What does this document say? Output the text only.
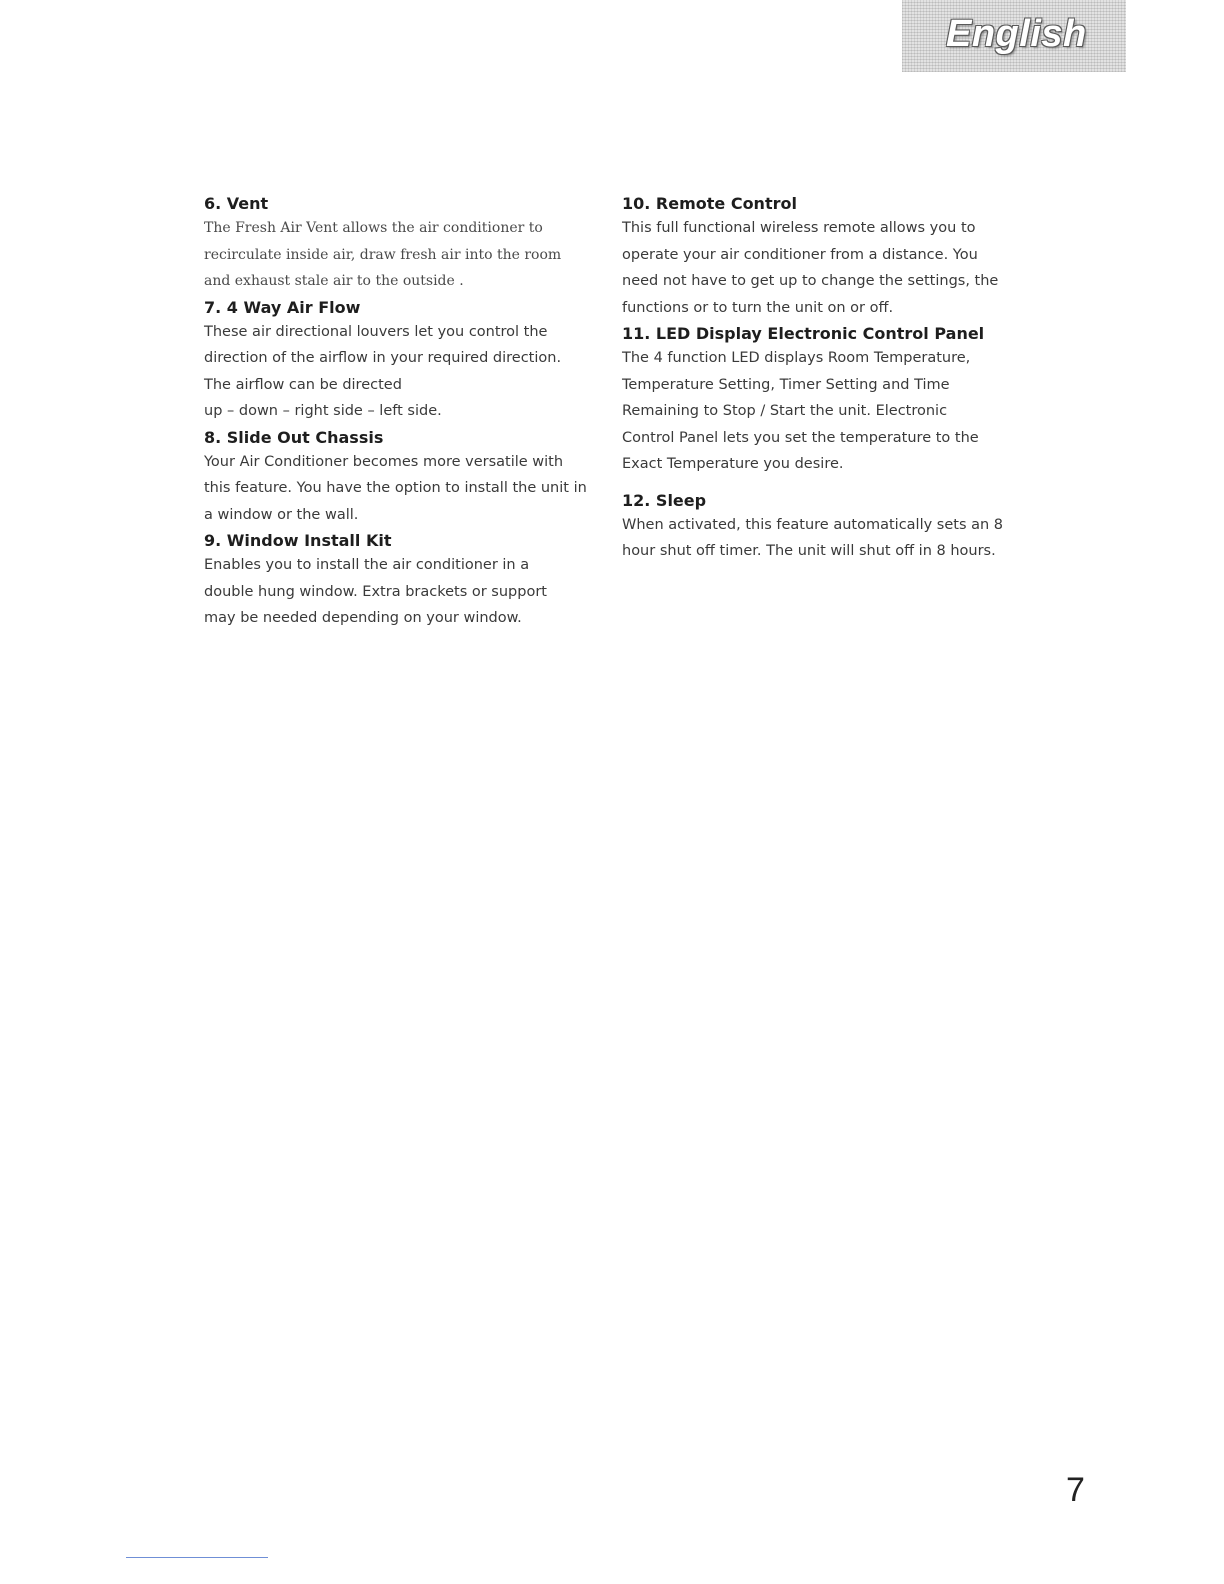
English

6. Vent

The Fresh Air Vent allows the air conditioner to

recirculate inside air, draw fresh air into the room

and exhaust stale air to the outside .

7. 4 Way Air Flow

These air directional louvers let you control the

direction of the airflow in your required direction.

The airflow can be directed

up – down – right side – left side.

8. Slide Out Chassis

Your Air Conditioner becomes more versatile with

this feature. You have the option to install the unit in

a window or the wall.

9. Window Install Kit

Enables you to install the air conditioner in a

double hung window. Extra brackets or support

may be needed depending on your window.

10. Remote Control

This full functional wireless remote allows you to

operate your air conditioner from a distance. You

need not have to get up to change the settings, the

functions or to turn the unit on or off.

11. LED Display Electronic Control Panel

The 4 function LED displays Room Temperature,

Temperature Setting, Timer Setting and Time

Remaining to Stop / Start the unit. Electronic

Control Panel lets you set the temperature to the

Exact Temperature you desire.

12. Sleep

When activated, this feature automatically sets an 8

hour shut off timer. The unit will shut off in 8 hours.

7
